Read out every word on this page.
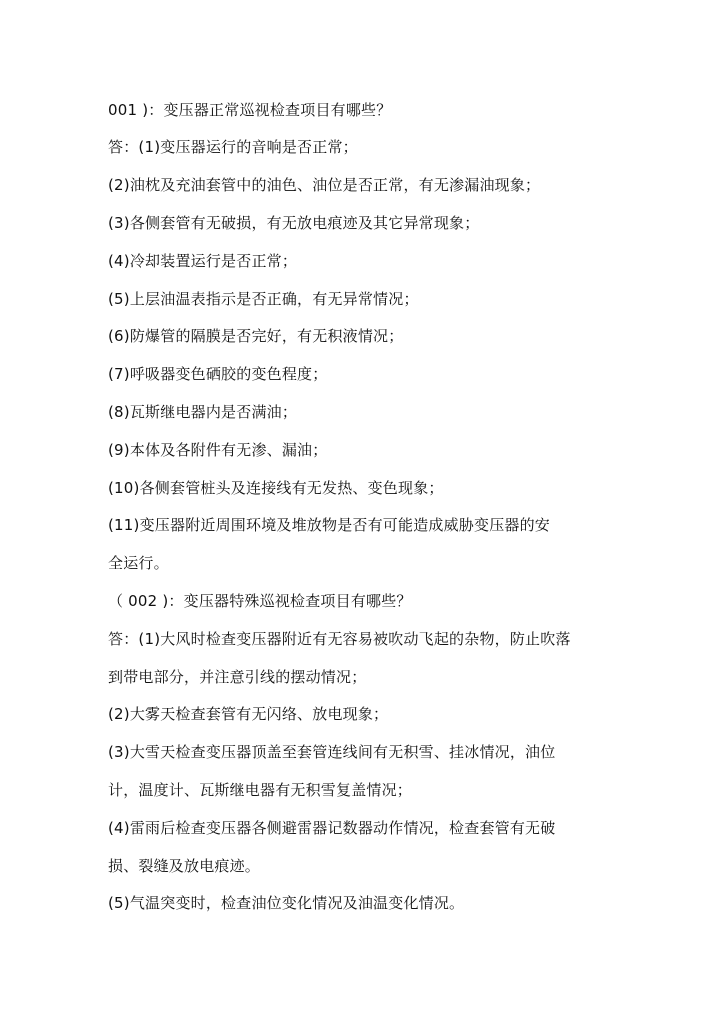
001 )：变压器正常巡视检查项目有哪些？
答：(1)变压器运行的音响是否正常；
(2)油枕及充油套管中的油色、油位是否正常，有无渗漏油现象；
(3)各侧套管有无破损，有无放电痕迹及其它异常现象；
(4)冷却装置运行是否正常；
(5)上层油温表指示是否正确，有无异常情况；
(6)防爆管的隔膜是否完好，有无积液情况；
(7)呼吸器变色硒胶的变色程度；
(8)瓦斯继电器内是否满油；
(9)本体及各附件有无渗、漏油；
(10)各侧套管桩头及连接线有无发热、变色现象；
(11)变压器附近周围环境及堆放物是否有可能造成威胁变压器的安
全运行。
（ 002 )：变压器特殊巡视检查项目有哪些？
答：(1)大风时检查变压器附近有无容易被吹动飞起的杂物，防止吹落
到带电部分，并注意引线的摆动情况；
(2)大雾天检查套管有无闪络、放电现象；
(3)大雪天检查变压器顶盖至套管连线间有无积雪、挂冰情况，油位
计，温度计、瓦斯继电器有无积雪复盖情况；
(4)雷雨后检查变压器各侧避雷器记数器动作情况，检查套管有无破
损、裂缝及放电痕迹。
(5)气温突变时，检查油位变化情况及油温变化情况。
